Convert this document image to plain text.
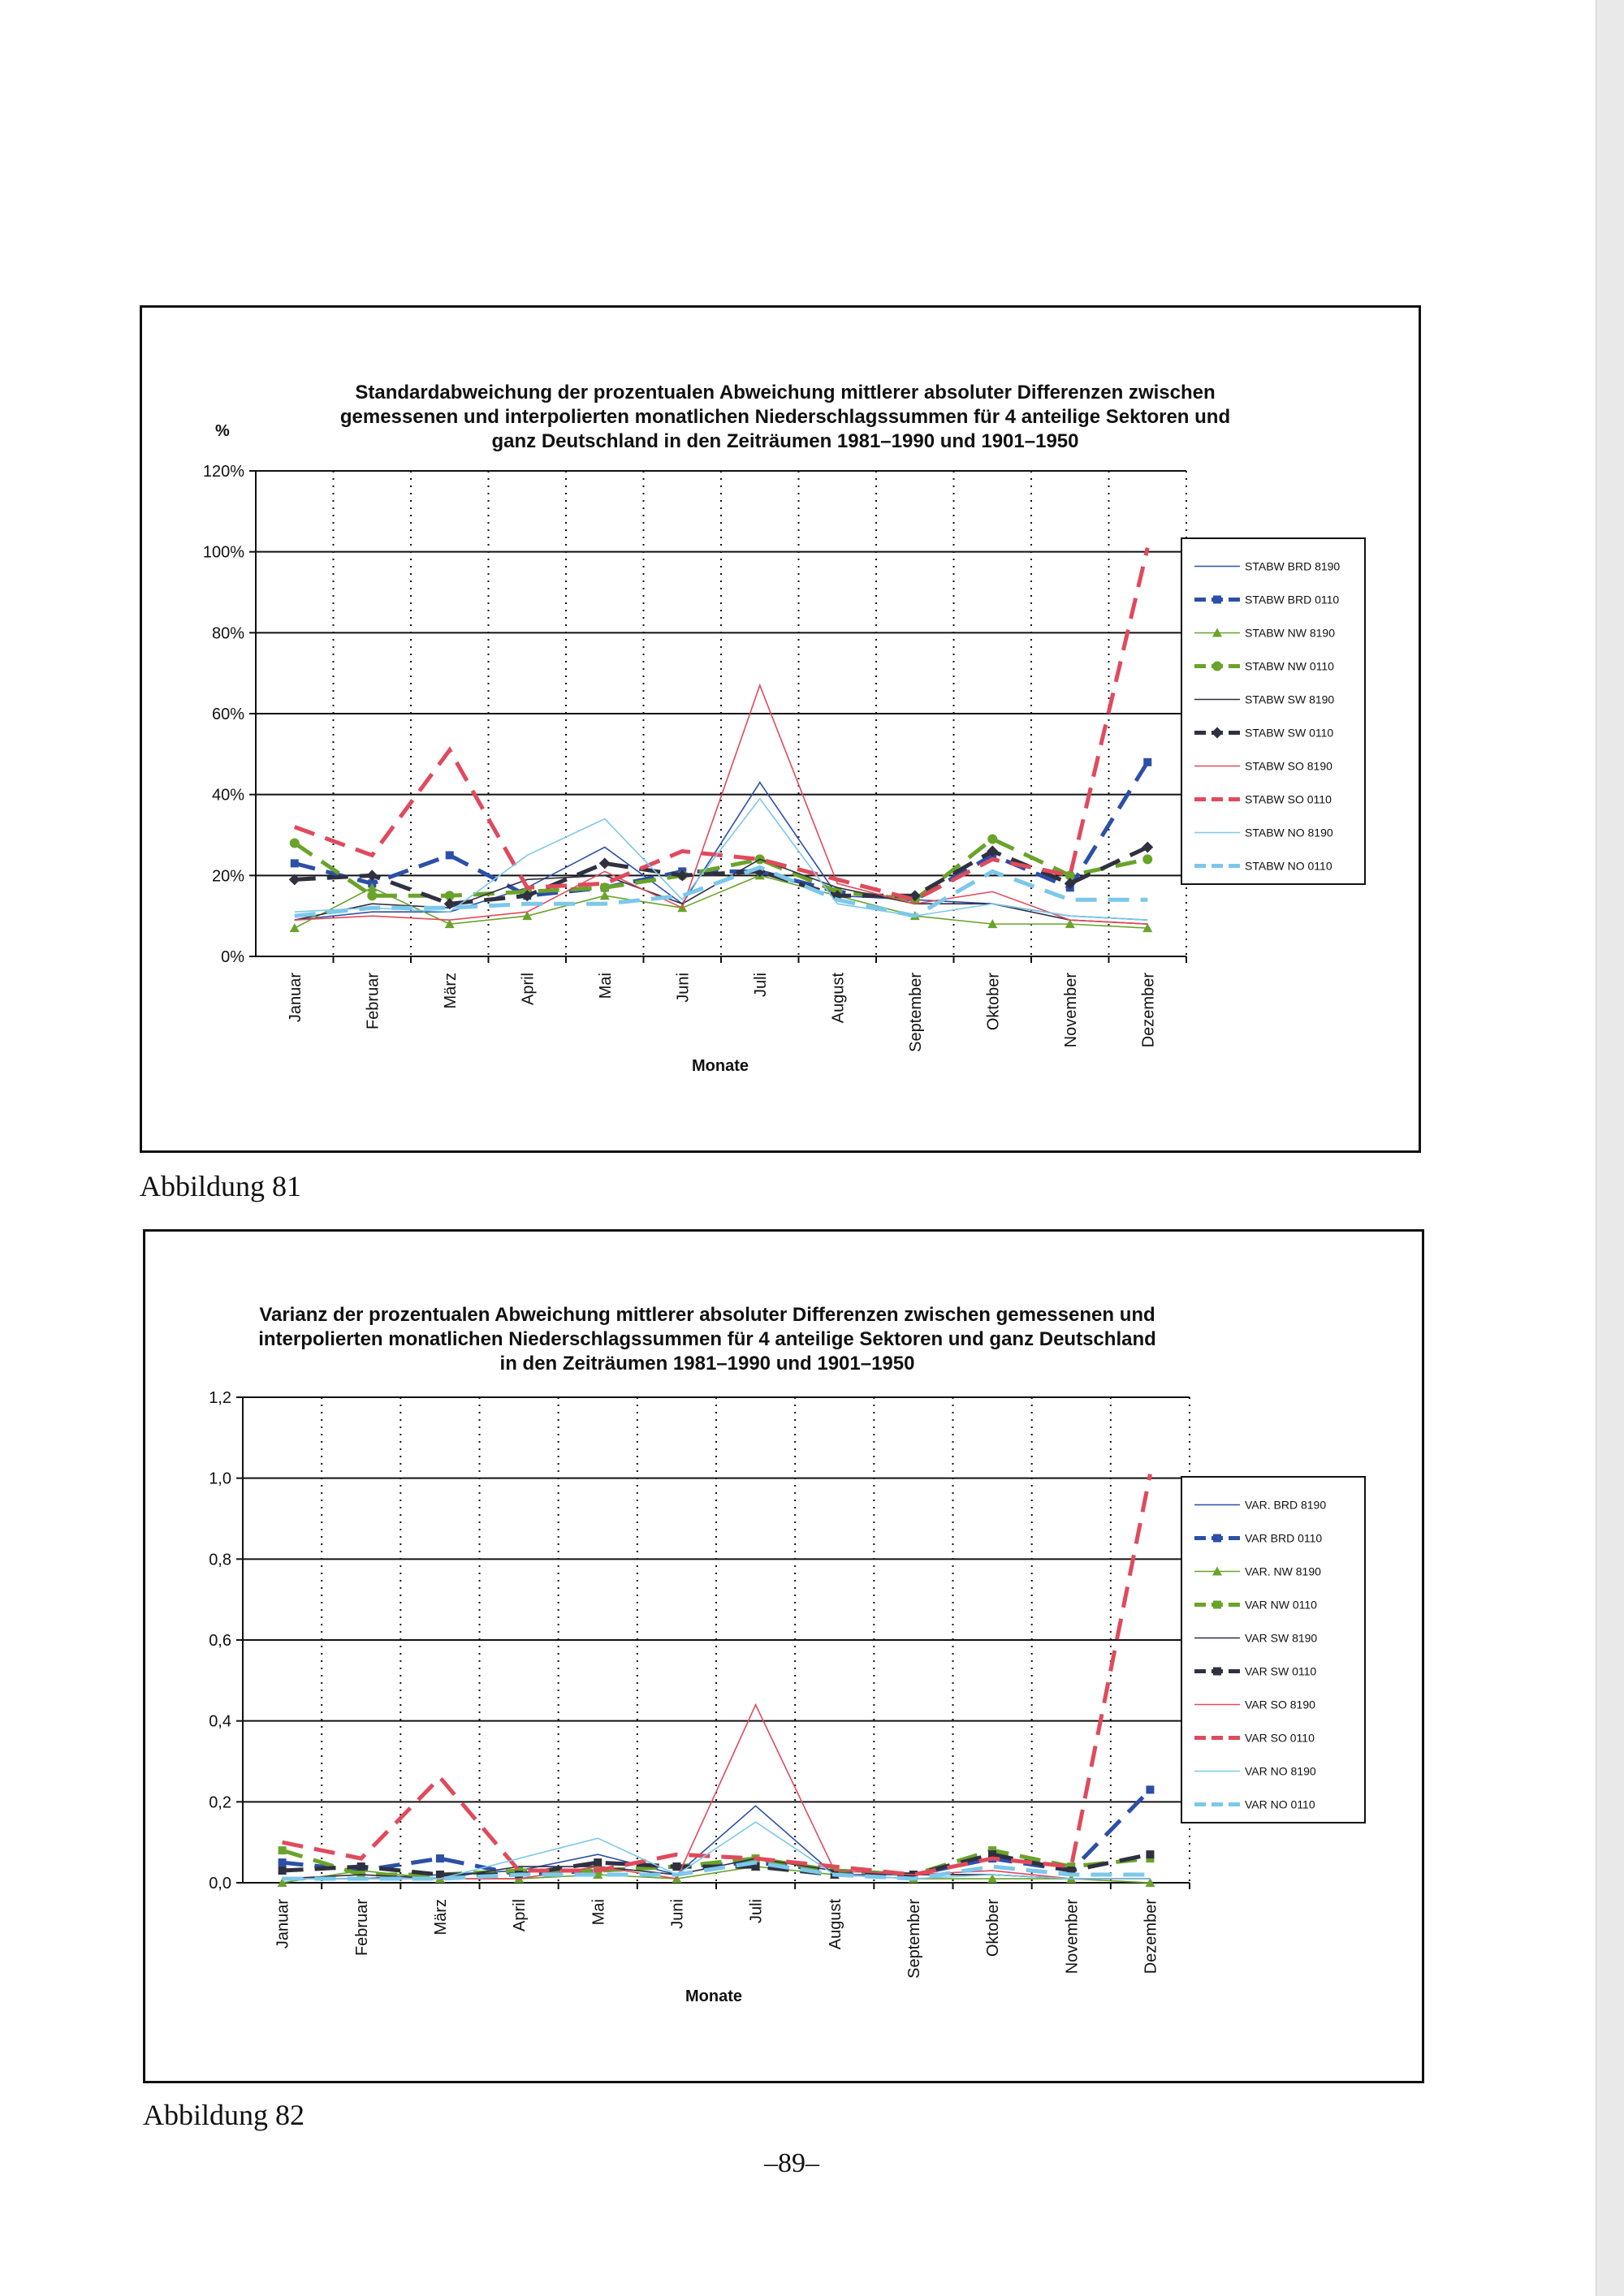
Standardabweichung der prozentualen Abweichung mittlerer absoluter Differenzen zwischen
gemessenen und interpolierten monatlichen Niederschlagssummen für 4 anteilige Sektoren und
ganz Deutschland in den Zeiträumen 1981–1990 und 1901–1950
%
0%
20%
40%
60%
80%
100%
120%
Januar	Februar	März	April	Mai	Juni	Juli	August	September	Oktober	November	Dezember
Monate
STABW BRD 8190
STABW BRD 0110
STABW NW 8190
STABW NW 0110
STABW SW 8190
STABW SW 0110
STABW SO 8190
STABW SO 0110
STABW NO 8190
STABW NO 0110
Abbildung 81
Varianz der prozentualen Abweichung mittlerer absoluter Differenzen zwischen gemessenen und
interpolierten monatlichen Niederschlagssummen für 4 anteilige Sektoren und ganz Deutschland
in den Zeiträumen 1981–1990 und 1901–1950
0,0
0,2
0,4
0,6
0,8
1,0
1,2
Januar	Februar	März	April	Mai	Juni	Juli	August	September	Oktober	November	Dezember
Monate
VAR. BRD 8190
VAR BRD 0110
VAR. NW 8190
VAR NW 0110
VAR SW 8190
VAR SW 0110
VAR SO 8190
VAR SO 0110
VAR NO 8190
VAR NO 0110
Abbildung 82
–89–
